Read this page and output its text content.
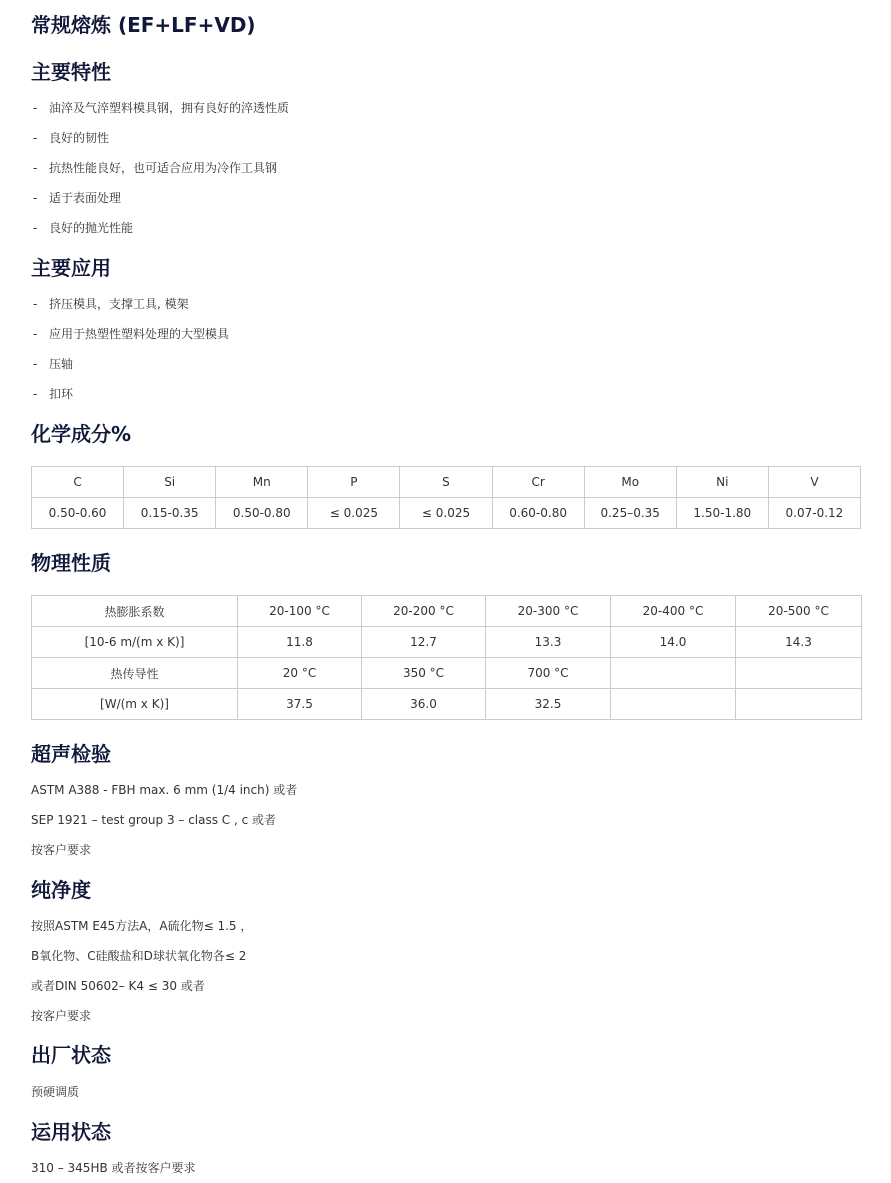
常规熔炼 (EF+LF+VD)
主要特性
- 油淬及气淬塑料模具钢，拥有良好的淬透性质
- 良好的韧性
- 抗热性能良好，也可适合应用为冷作工具钢
- 适于表面处理
- 良好的抛光性能
主要应用
- 挤压模具，支撑工具, 模架
- 应用于热塑性塑料处理的大型模具
- 压轴
- 扣环
化学成分%
C	Si	Mn	P	S	Cr	Mo	Ni	V
0.50-0.60	0.15-0.35	0.50-0.80	≤ 0.025	≤ 0.025	0.60-0.80	0.25–0.35	1.50-1.80	0.07-0.12
物理性质
热膨胀系数	20-100 °C	20-200 °C	20-300 °C	20-400 °C	20-500 °C
[10-6 m/(m x K)]	11.8	12.7	13.3	14.0	14.3
热传导性	20 °C	350 °C	700 °C		
[W/(m x K)]	37.5	36.0	32.5		
超声检验
ASTM A388 - FBH max. 6 mm (1/4 inch) 或者
SEP 1921 – test group 3 – class C , c 或者
按客户要求
纯净度
按照ASTM E45方法A，A硫化物≤ 1.5 ，
B氧化物、C硅酸盐和D球状氧化物各≤ 2
或者DIN 50602– K4 ≤ 30 或者
按客户要求
出厂状态
预硬调质
运用状态
310 – 345HB 或者按客户要求
